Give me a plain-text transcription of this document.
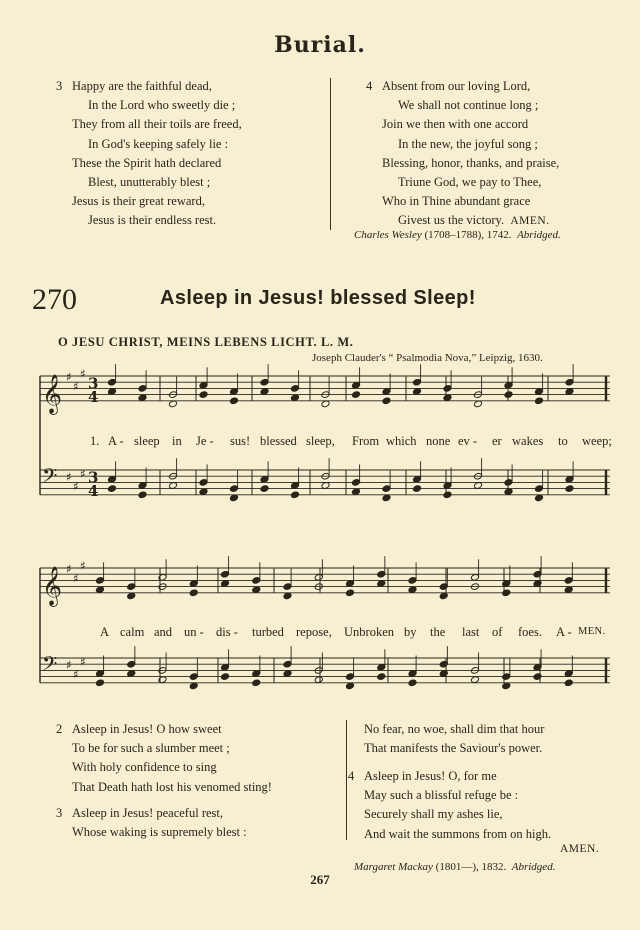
Burial.
3 Happy are the faithful dead,
In the Lord who sweetly die ;
They from all their toils are freed,
In God's keeping safely lie :
These the Spirit hath declared
Blest, unutterably blest ;
Jesus is their great reward,
Jesus is their endless rest.
4 Absent from our loving Lord,
We shall not continue long ;
Join we then with one accord
In the new, the joyful song ;
Blessing, honor, thanks, and praise,
Triune God, we pay to Thee,
Who in Thine abundant grace
Givest us the victory. AMEN.
Charles Wesley (1708–1788), 1742. Abridged.
270	Asleep in Jesus! blessed Sleep!
O JESU CHRIST, MEINS LEBENS LICHT. L. M.
Joseph Clauder's “ Psalmodia Nova,” Leipzig, 1630.
𝄞 ♯
♯
♯
3
4
𝄢 ♯
♯
♯ 3
4
𝄞 ♯
♯
♯
𝄢 ♯
♯
♯
1. A - sleep in Je - sus! blessed sleep, From which none ev - er wakes to weep;
A calm and un - dis - turbed repose, Unbroken by the last of foes. A - MEN.
2 Asleep in Jesus! O how sweet
To be for such a slumber meet ;
With holy confidence to sing
That Death hath lost his venomed sting!
3 Asleep in Jesus! peaceful rest,
Whose waking is supremely blest :
No fear, no woe, shall dim that hour
That manifests the Saviour's power.
4 Asleep in Jesus! O, for me
May such a blissful refuge be :
Securely shall my ashes lie,
And wait the summons from on high.
AMEN.
Margaret Mackay (1801—), 1832. Abridged.
267
